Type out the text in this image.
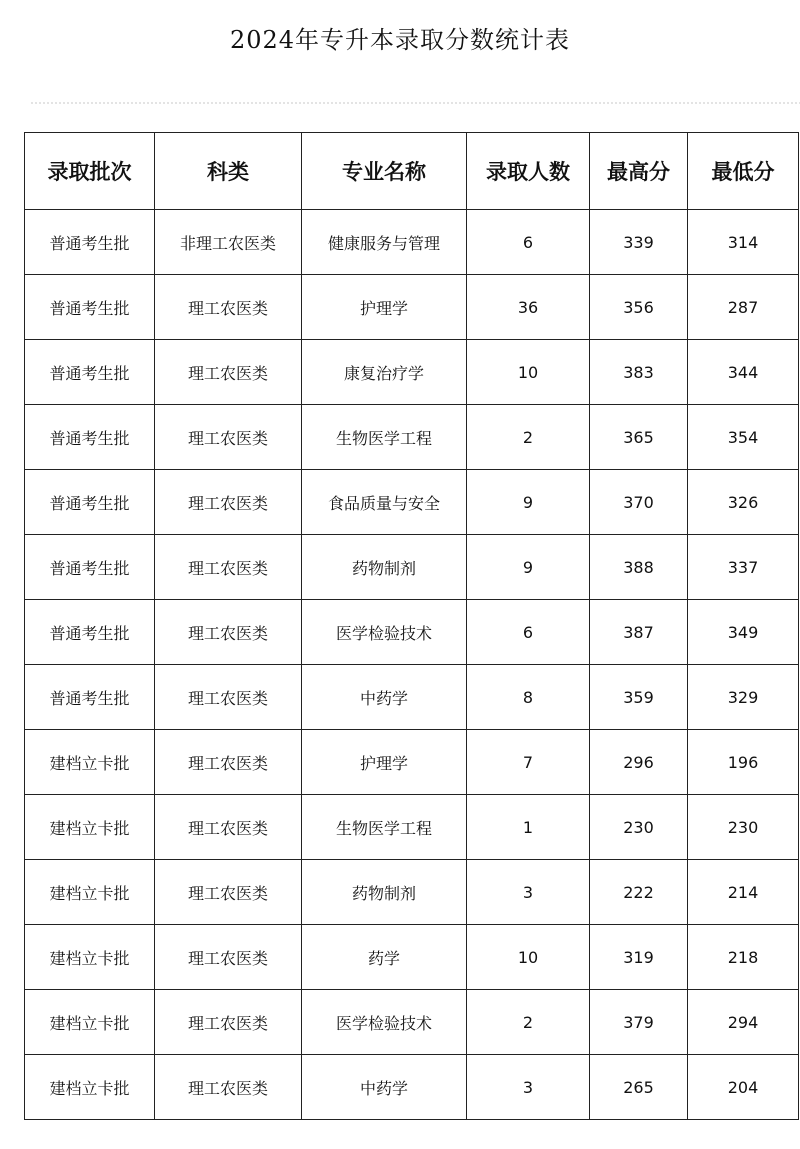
2024年专升本录取分数统计表
录取批次	科类	专业名称	录取人数	最高分	最低分
普通考生批	非理工农医类	健康服务与管理	6	339	314
普通考生批	理工农医类	护理学	36	356	287
普通考生批	理工农医类	康复治疗学	10	383	344
普通考生批	理工农医类	生物医学工程	2	365	354
普通考生批	理工农医类	食品质量与安全	9	370	326
普通考生批	理工农医类	药物制剂	9	388	337
普通考生批	理工农医类	医学检验技术	6	387	349
普通考生批	理工农医类	中药学	8	359	329
建档立卡批	理工农医类	护理学	7	296	196
建档立卡批	理工农医类	生物医学工程	1	230	230
建档立卡批	理工农医类	药物制剂	3	222	214
建档立卡批	理工农医类	药学	10	319	218
建档立卡批	理工农医类	医学检验技术	2	379	294
建档立卡批	理工农医类	中药学	3	265	204
